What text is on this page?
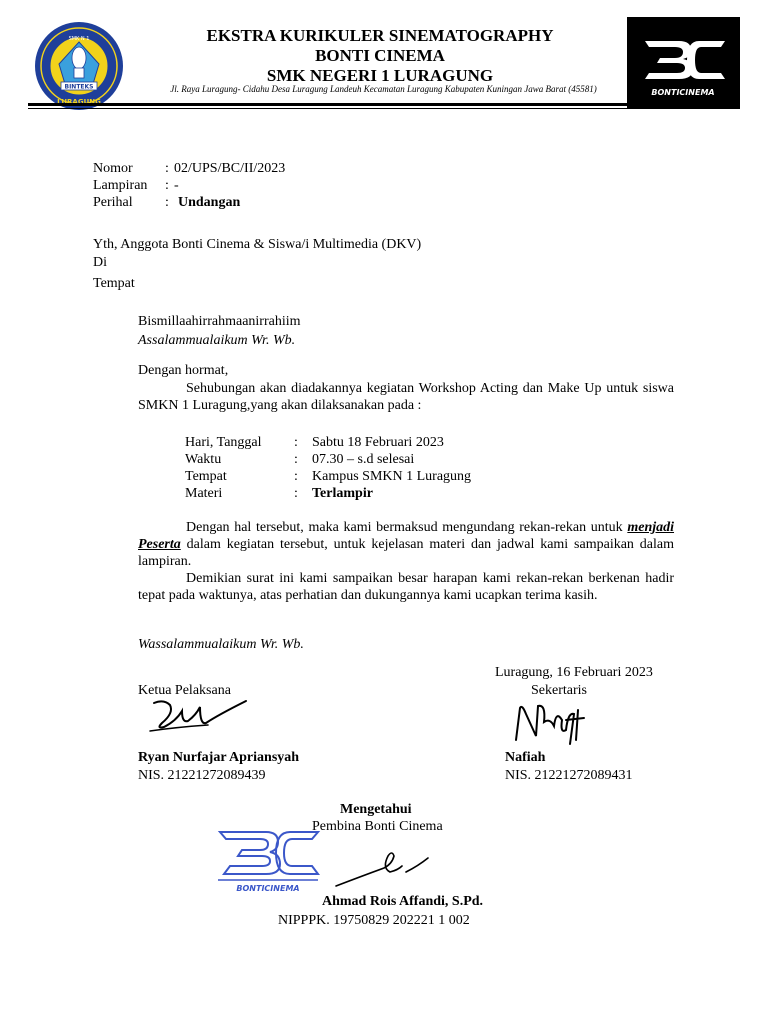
BINTEKS
SMK N 1
LURAGUNG
EKSTRA KURIKULER SINEMATOGRAPHY
BONTI CINEMA
SMK NEGERI 1 LURAGUNG
Jl. Raya Luragung- Cidahu Desa Luragung Landeuh Kecamatan Luragung Kabupaten Kuningan Jawa Barat (45581)	BONTICINEMA
Nomor : 02/UPS/BC/II/2023
Lampiran : -
Perihal : Undangan
Yth, Anggota Bonti Cinema & Siswa/i Multimedia (DKV)
Di
Tempat
Bismillaahirrahmaanirrahiim
Assalammualaikum Wr. Wb.
Dengan hormat,
Sehubungan akan diadakannya kegiatan Workshop Acting dan Make Up untuk siswa SMKN 1 Luragung,yang akan dilaksanakan pada :
Hari, Tanggal : Sabtu 18 Februari 2023
Waktu	: 07.30 – s.d selesai
Tempat	: Kampus SMKN 1 Luragung
Materi	: Terlampir
Dengan hal tersebut, maka kami bermaksud mengundang rekan-rekan untuk menjadi Peserta dalam kegiatan tersebut, untuk kejelasan materi dan jadwal kami sampaikan dalam lampiran.
Demikian surat ini kami sampaikan besar harapan kami rekan-rekan berkenan hadir tepat pada waktunya, atas perhatian dan dukungannya kami ucapkan terima kasih.
Wassalammualaikum Wr. Wb.
Luragung, 16 Februari 2023
Ketua Pelaksana	Sekertaris
Ryan Nurfajar Apriansyah	Nafiah
NIS. 21221272089439	NIS. 21221272089431
Mengetahui
Pembina Bonti Cinema
BONTICINEMA
Ahmad Rois Affandi, S.Pd.
NIPPPK. 19750829 202221 1 002
